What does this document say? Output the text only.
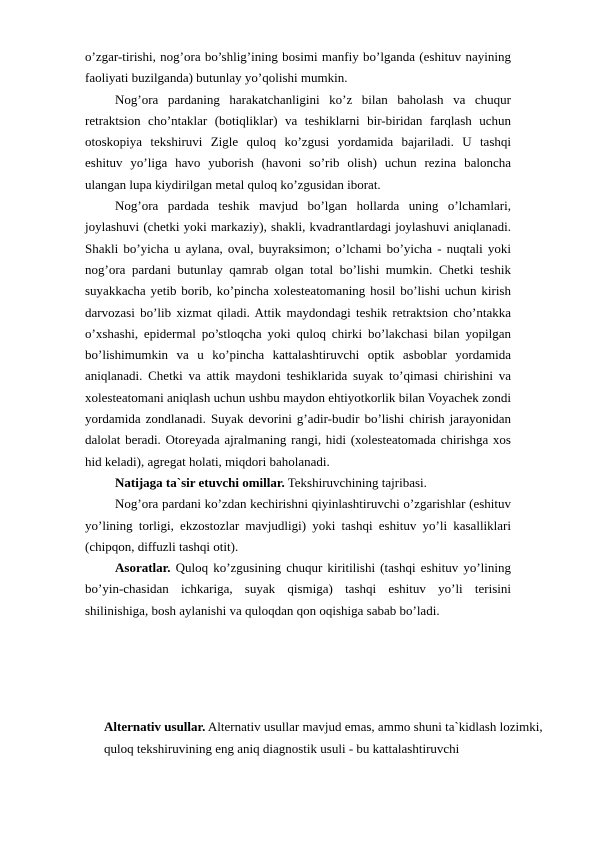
o’zgar-tirishi, nog’ora bo’shlig’ining bosimi manfiy bo’lganda (eshituv nayining faoliyati buzilganda) butunlay yo’qolishi mumkin.

Nog’ora pardaning harakatchanligini ko’z bilan baholash va chuqur retraktsion cho’ntaklar (botiqliklar) va teshiklarni bir-biridan farqlash uchun otoskopiya tekshiruvi Zigle quloq ko’zgusi yordamida bajariladi. U tashqi eshituv yo’liga havo yuborish (havoni so’rib olish) uchun rezina baloncha ulangan lupa kiydirilgan metal quloq ko’zgusidan iborat.

Nog’ora pardada teshik mavjud bo’lgan hollarda uning o’lchamlari, joylashuvi (chetki yoki markaziy), shakli, kvadrantlardagi joylashuvi aniqlanadi. Shakli bo’yicha u aylana, oval, buyraksimon; o’lchami bo’yicha - nuqtali yoki nog’ora pardani butunlay qamrab olgan total bo’lishi mumkin. Chetki teshik suyakkacha yetib borib, ko’pincha xolesteatomaning hosil bo’lishi uchun kirish darvozasi bo’lib xizmat qiladi. Attik maydondagi teshik retraktsion cho’ntakka o’xshashi, epidermal po’stloqcha yoki quloq chirki bo’lakchasi bilan yopilgan bo’lishimumkin va u ko’pincha kattalashtiruvchi optik asboblar yordamida aniqlanadi. Chetki va attik maydoni teshiklarida suyak to’qimasi chirishini va xolesteatomani aniqlash uchun ushbu maydon ehtiyotkorlik bilan Voyachek zondi yordamida zondlanadi. Suyak devorini g’adir-budir bo’lishi chirish jarayonidan dalolat beradi. Otoreyada ajralmaning rangi, hidi (xolesteatomada chirishga xos hid keladi), agregat holati, miqdori baholanadi.

Natijaga ta`sir etuvchi omillar. Tekshiruvchining tajribasi.

Nog’ora pardani ko’zdan kechirishni qiyinlashtiruvchi o’zgarishlar (eshituv yo’lining torligi, ekzostozlar mavjudligi) yoki tashqi eshituv yo’li kasalliklari (chipqon, diffuzli tashqi otit).

Asoratlar. Quloq ko’zgusining chuqur kiritilishi (tashqi eshituv yo’lining bo’yin-chasidan ichkariga, suyak qismiga) tashqi eshituv yo’li terisini shilinishiga, bosh aylanishi va quloqdan qon oqishiga sabab bo’ladi.

Alternativ usullar. Alternativ usullar mavjud emas, ammo shuni ta`kidlash lozimki, quloq tekshiruvining eng aniq diagnostik usuli - bu kattalashtiruvchi
